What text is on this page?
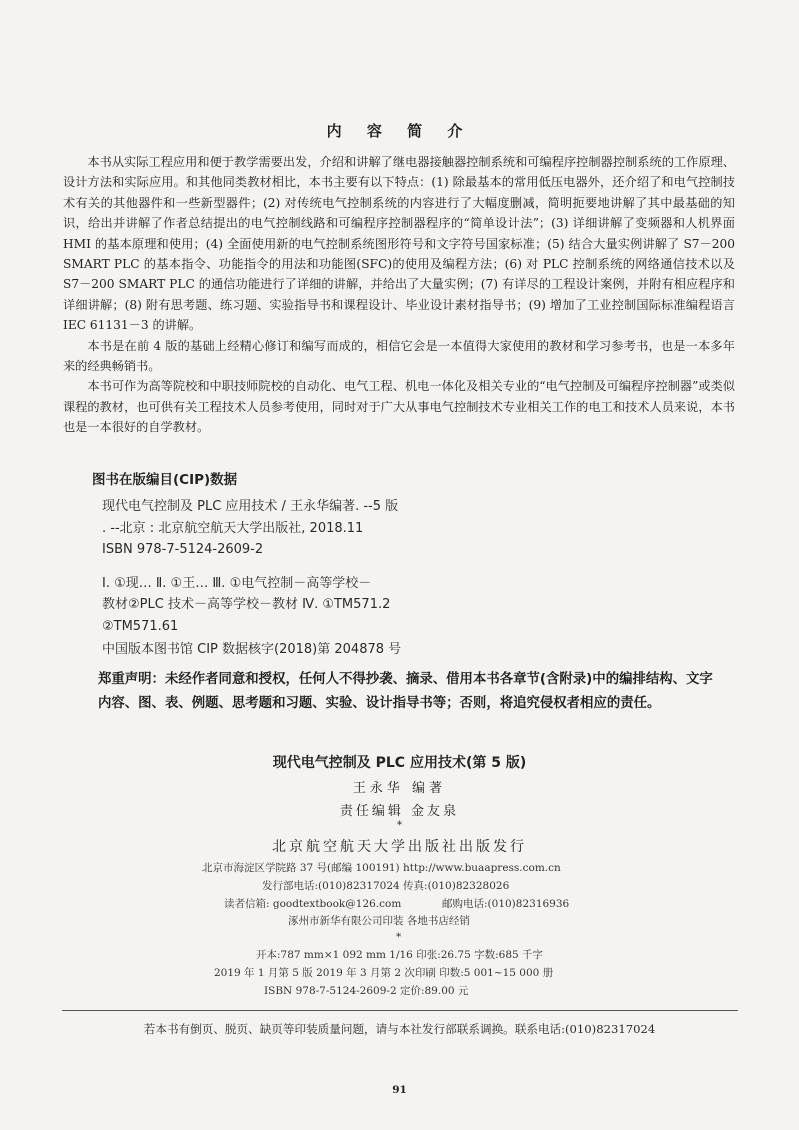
内 容 简 介

本书从实际工程应用和便于教学需要出发，介绍和讲解了继电器接触器控制系统和可编程序控制器控制系统的工作原理、设计方法和实际应用。和其他同类教材相比，本书主要有以下特点：(1) 除最基本的常用低压电器外，还介绍了和电气控制技术有关的其他器件和一些新型器件；(2) 对传统电气控制系统的内容进行了大幅度删减，简明扼要地讲解了其中最基础的知识，给出并讲解了作者总结提出的电气控制线路和可编程序控制器程序的“简单设计法”；(3) 详细讲解了变频器和人机界面 HMI 的基本原理和使用；(4) 全面使用新的电气控制系统图形符号和文字符号国家标准；(5) 结合大量实例讲解了 S7－200 SMART PLC 的基本指令、功能指令的用法和功能图(SFC)的使用及编程方法；(6) 对 PLC 控制系统的网络通信技术以及 S7－200 SMART PLC 的通信功能进行了详细的讲解，并给出了大量实例；(7) 有详尽的工程设计案例，并附有相应程序和详细讲解；(8) 附有思考题、练习题、实验指导书和课程设计、毕业设计素材指导书；(9) 增加了工业控制国际标准编程语言 IEC 61131－3 的讲解。

本书是在前 4 版的基础上经精心修订和编写而成的，相信它会是一本值得大家使用的教材和学习参考书，也是一本多年来的经典畅销书。

本书可作为高等院校和中职技师院校的自动化、电气工程、机电一体化及相关专业的“电气控制及可编程序控制器”或类似课程的教材，也可供有关工程技术人员参考使用，同时对于广大从事电气控制技术专业相关工作的电工和技术人员来说，本书也是一本很好的自学教材。

图书在版编目(CIP)数据
现代电气控制及 PLC 应用技术 / 王永华编著. --5 版
. --北京 : 北京航空航天大学出版社, 2018.11
ISBN 978-7-5124-2609-2
Ⅰ. ①现… Ⅱ. ①王… Ⅲ. ①电气控制－高等学校－
教材②PLC 技术－高等学校－教材 Ⅳ. ①TM571.2
②TM571.61
中国版本图书馆 CIP 数据核字(2018)第 204878 号
郑重声明：未经作者同意和授权，任何人不得抄袭、摘录、借用本书各章节(含附录)中的编排结构、文字内容、图、表、例题、思考题和习题、实验、设计指导书等；否则，将追究侵权者相应的责任。
现代电气控制及 PLC 应用技术(第 5 版)
王永华 编著
责任编辑 金友泉
*
北京航空航天大学出版社出版发行
北京市海淀区学院路 37 号(邮编 100191) http://www.buaapress.com.cn
发行部电话:(010)82317024 传真:(010)82328026
读者信箱: goodtextbook@126.com	邮购电话:(010)82316936
涿州市新华有限公司印装 各地书店经销
*
开本:787 mm×1 092 mm 1/16 印张:26.75 字数:685 千字
2019 年 1 月第 5 版 2019 年 3 月第 2 次印刷 印数:5 001~15 000 册
ISBN 978-7-5124-2609-2 定价:89.00 元
若本书有倒页、脱页、缺页等印装质量问题，请与本社发行部联系调换。联系电话:(010)82317024
91
